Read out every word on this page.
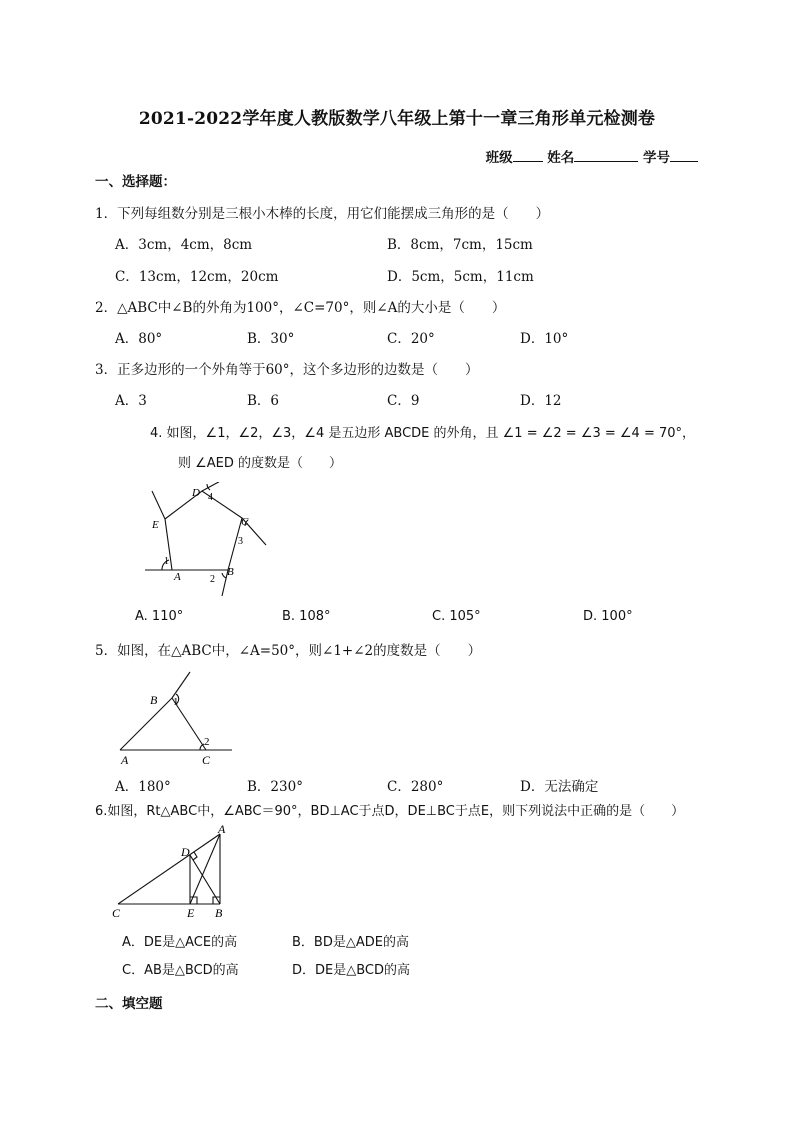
2021-2022学年度人教版数学八年级上第十一章三角形单元检测卷
班级	姓名	学号
一、选择题：
1．下列每组数分别是三根小木棒的长度，用它们能摆成三角形的是（　　）
A．3cm，4cm，8cm	B．8cm，7cm，15cm
C．13cm，12cm，20cm	D．5cm，5cm，11cm
2．△ABC中∠B的外角为100°，∠C=70°，则∠A的大小是（　　）
A．80°	B．30°	C．20°	D．10°
3．正多边形的一个外角等于60°，这个多边形的边数是（　　）
A．3	B．6	C．9	D．12
4. 如图，∠1，∠2，∠3，∠4 是五边形 ABCDE 的外角，且 ∠1 = ∠2 = ∠3 = ∠4 = 70°，
则 ∠AED 的度数是（　　）
A	B
C
D
E
1
2
3
4
A. 110°	B. 108°	C. 105°	D. 100°
5．如图，在△ABC中，∠A=50°，则∠1+∠2的度数是（　　）
A
B
C
1
2
A．180°	B．230°	C．280°	D．无法确定
6.如图，Rt△ABC中，∠ABC＝90°，BD⊥AC于点D，DE⊥BC于点E，则下列说法中正确的是（　　）
C	B
A
D
E
A．DE是△ACE的高	B．BD是△ADE的高
C．AB是△BCD的高	D．DE是△BCD的高
二、填空题
